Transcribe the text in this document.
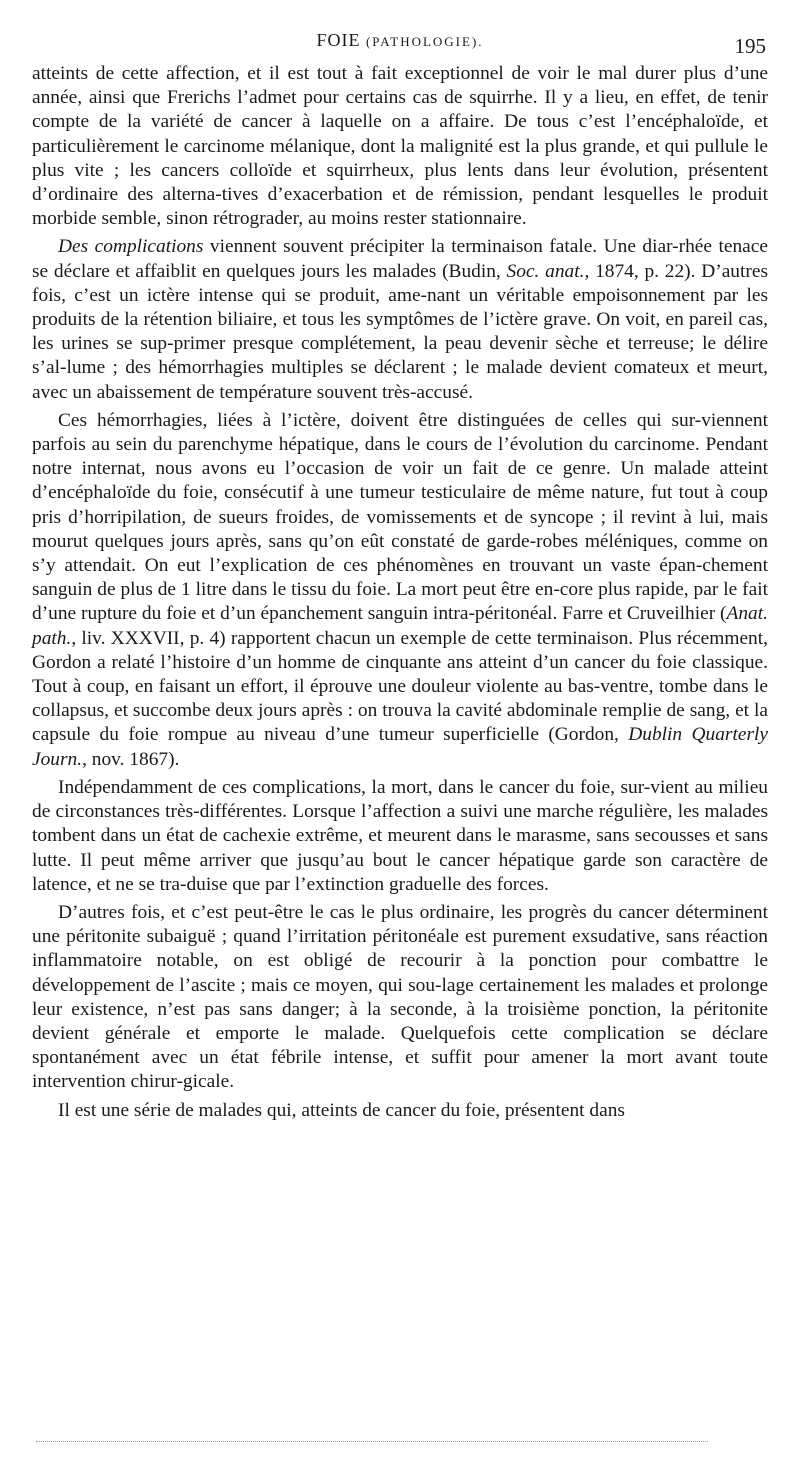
FOIE (PATHOLOGIE).	195

atteints de cette affection, et il est tout à fait exceptionnel de voir le mal durer plus d’une année, ainsi que Frerichs l’admet pour certains cas de squirrhe. Il y a lieu, en effet, de tenir compte de la variété de cancer à laquelle on a affaire. De tous c’est l’encéphaloïde, et particulièrement le carcinome mélanique, dont la malignité est la plus grande, et qui pullule le plus vite ; les cancers colloïde et squirrheux, plus lents dans leur évolution, présentent d’ordinaire des alterna-tives d’exacerbation et de rémission, pendant lesquelles le produit morbide semble, sinon rétrograder, au moins rester stationnaire.

Des complications viennent souvent précipiter la terminaison fatale. Une diar-rhée tenace se déclare et affaiblit en quelques jours les malades (Budin, Soc. anat., 1874, p. 22). D’autres fois, c’est un ictère intense qui se produit, ame-nant un véritable empoisonnement par les produits de la rétention biliaire, et tous les symptômes de l’ictère grave. On voit, en pareil cas, les urines se sup-primer presque complétement, la peau devenir sèche et terreuse; le délire s’al-lume ; des hémorrhagies multiples se déclarent ; le malade devient comateux et meurt, avec un abaissement de température souvent très-accusé.

Ces hémorrhagies, liées à l’ictère, doivent être distinguées de celles qui sur-viennent parfois au sein du parenchyme hépatique, dans le cours de l’évolution du carcinome. Pendant notre internat, nous avons eu l’occasion de voir un fait de ce genre. Un malade atteint d’encéphaloïde du foie, consécutif à une tumeur testiculaire de même nature, fut tout à coup pris d’horripilation, de sueurs froides, de vomissements et de syncope ; il revint à lui, mais mourut quelques jours après, sans qu’on eût constaté de garde-robes méléniques, comme on s’y attendait. On eut l’explication de ces phénomènes en trouvant un vaste épan-chement sanguin de plus de 1 litre dans le tissu du foie. La mort peut être en-core plus rapide, par le fait d’une rupture du foie et d’un épanchement sanguin intra-péritonéal. Farre et Cruveilhier (Anat. path., liv. XXXVII, p. 4) rapportent chacun un exemple de cette terminaison. Plus récemment, Gordon a relaté l’histoire d’un homme de cinquante ans atteint d’un cancer du foie classique. Tout à coup, en faisant un effort, il éprouve une douleur violente au bas-ventre, tombe dans le collapsus, et succombe deux jours après : on trouva la cavité abdominale remplie de sang, et la capsule du foie rompue au niveau d’une tumeur superficielle (Gordon, Dublin Quarterly Journ., nov. 1867).

Indépendamment de ces complications, la mort, dans le cancer du foie, sur-vient au milieu de circonstances très-différentes. Lorsque l’affection a suivi une marche régulière, les malades tombent dans un état de cachexie extrême, et meurent dans le marasme, sans secousses et sans lutte. Il peut même arriver que jusqu’au bout le cancer hépatique garde son caractère de latence, et ne se tra-duise que par l’extinction graduelle des forces.

D’autres fois, et c’est peut-être le cas le plus ordinaire, les progrès du cancer déterminent une péritonite subaiguë ; quand l’irritation péritonéale est purement exsudative, sans réaction inflammatoire notable, on est obligé de recourir à la ponction pour combattre le développement de l’ascite ; mais ce moyen, qui sou-lage certainement les malades et prolonge leur existence, n’est pas sans danger; à la seconde, à la troisième ponction, la péritonite devient générale et emporte le malade. Quelquefois cette complication se déclare spontanément avec un état fébrile intense, et suffit pour amener la mort avant toute intervention chirur-gicale.

Il est une série de malades qui, atteints de cancer du foie, présentent dans
